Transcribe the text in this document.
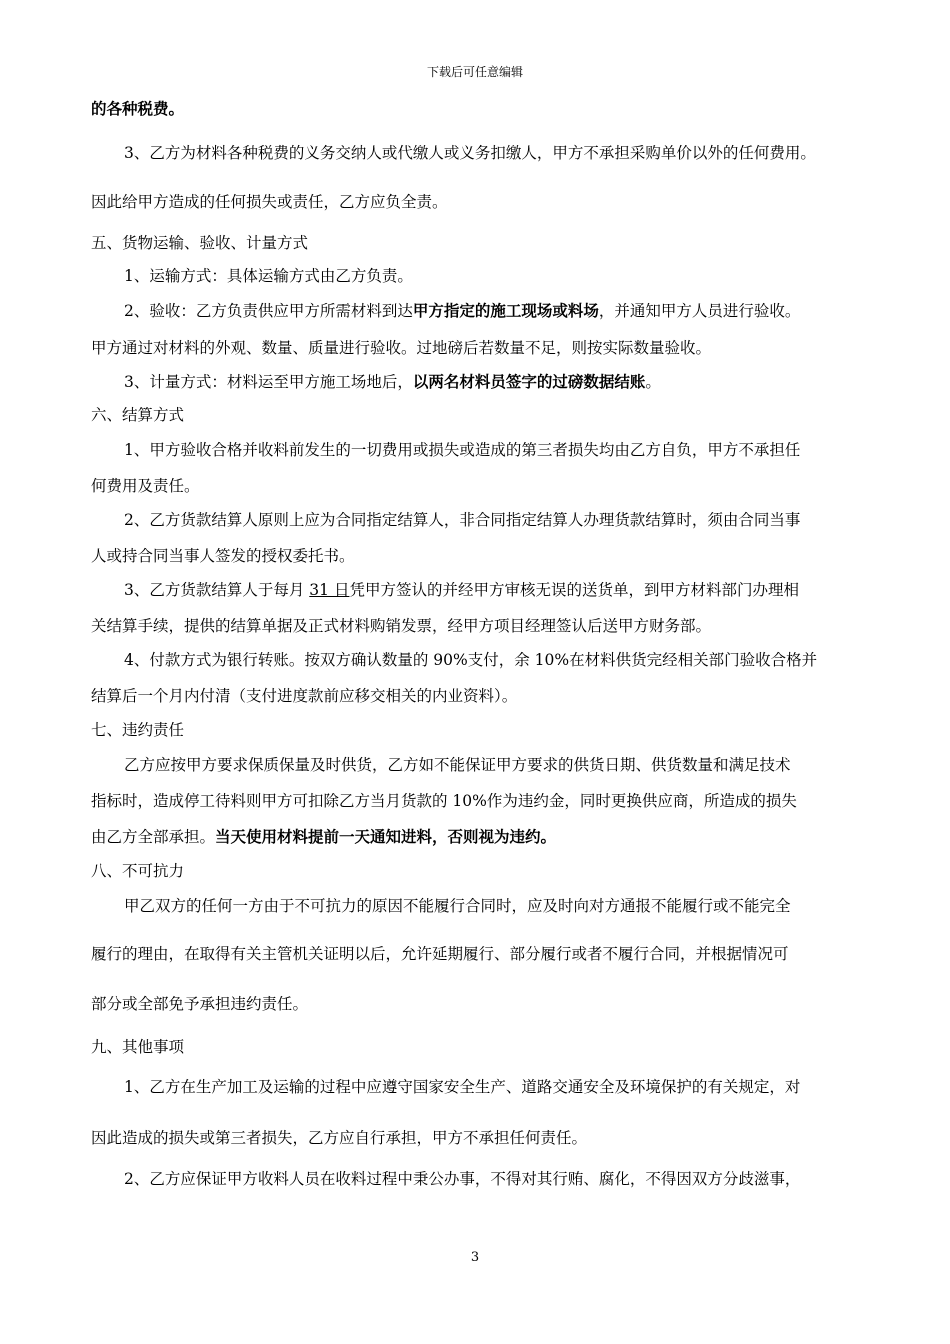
下载后可任意编辑
的各种税费。
3、乙方为材料各种税费的义务交纳人或代缴人或义务扣缴人，甲方不承担采购单价以外的任何费用。
因此给甲方造成的任何损失或责任，乙方应负全责。
五、货物运输、验收、计量方式
1、运输方式：具体运输方式由乙方负责。
2、验收：乙方负责供应甲方所需材料到达甲方指定的施工现场或料场，并通知甲方人员进行验收。
甲方通过对材料的外观、数量、质量进行验收。过地磅后若数量不足，则按实际数量验收。
3、计量方式：材料运至甲方施工场地后，以两名材料员签字的过磅数据结账。
六、结算方式
1、甲方验收合格并收料前发生的一切费用或损失或造成的第三者损失均由乙方自负，甲方不承担任
何费用及责任。
2、乙方货款结算人原则上应为合同指定结算人，非合同指定结算人办理货款结算时，须由合同当事
人或持合同当事人签发的授权委托书。
3、乙方货款结算人于每月 31 日凭甲方签认的并经甲方审核无误的送货单，到甲方材料部门办理相
关结算手续，提供的结算单据及正式材料购销发票，经甲方项目经理签认后送甲方财务部。
4、付款方式为银行转账。按双方确认数量的 90%支付，余 10%在材料供货完经相关部门验收合格并
结算后一个月内付清（支付进度款前应移交相关的内业资料）。
七、违约责任
乙方应按甲方要求保质保量及时供货，乙方如不能保证甲方要求的供货日期、供货数量和满足技术
指标时，造成停工待料则甲方可扣除乙方当月货款的 10%作为违约金，同时更换供应商，所造成的损失
由乙方全部承担。当天使用材料提前一天通知进料，否则视为违约。
八、不可抗力
甲乙双方的任何一方由于不可抗力的原因不能履行合同时，应及时向对方通报不能履行或不能完全
履行的理由，在取得有关主管机关证明以后，允许延期履行、部分履行或者不履行合同，并根据情况可
部分或全部免予承担违约责任。
九、其他事项
1、乙方在生产加工及运输的过程中应遵守国家安全生产、道路交通安全及环境保护的有关规定，对
因此造成的损失或第三者损失，乙方应自行承担，甲方不承担任何责任。
2、乙方应保证甲方收料人员在收料过程中秉公办事，不得对其行贿、腐化，不得因双方分歧滋事，
3
